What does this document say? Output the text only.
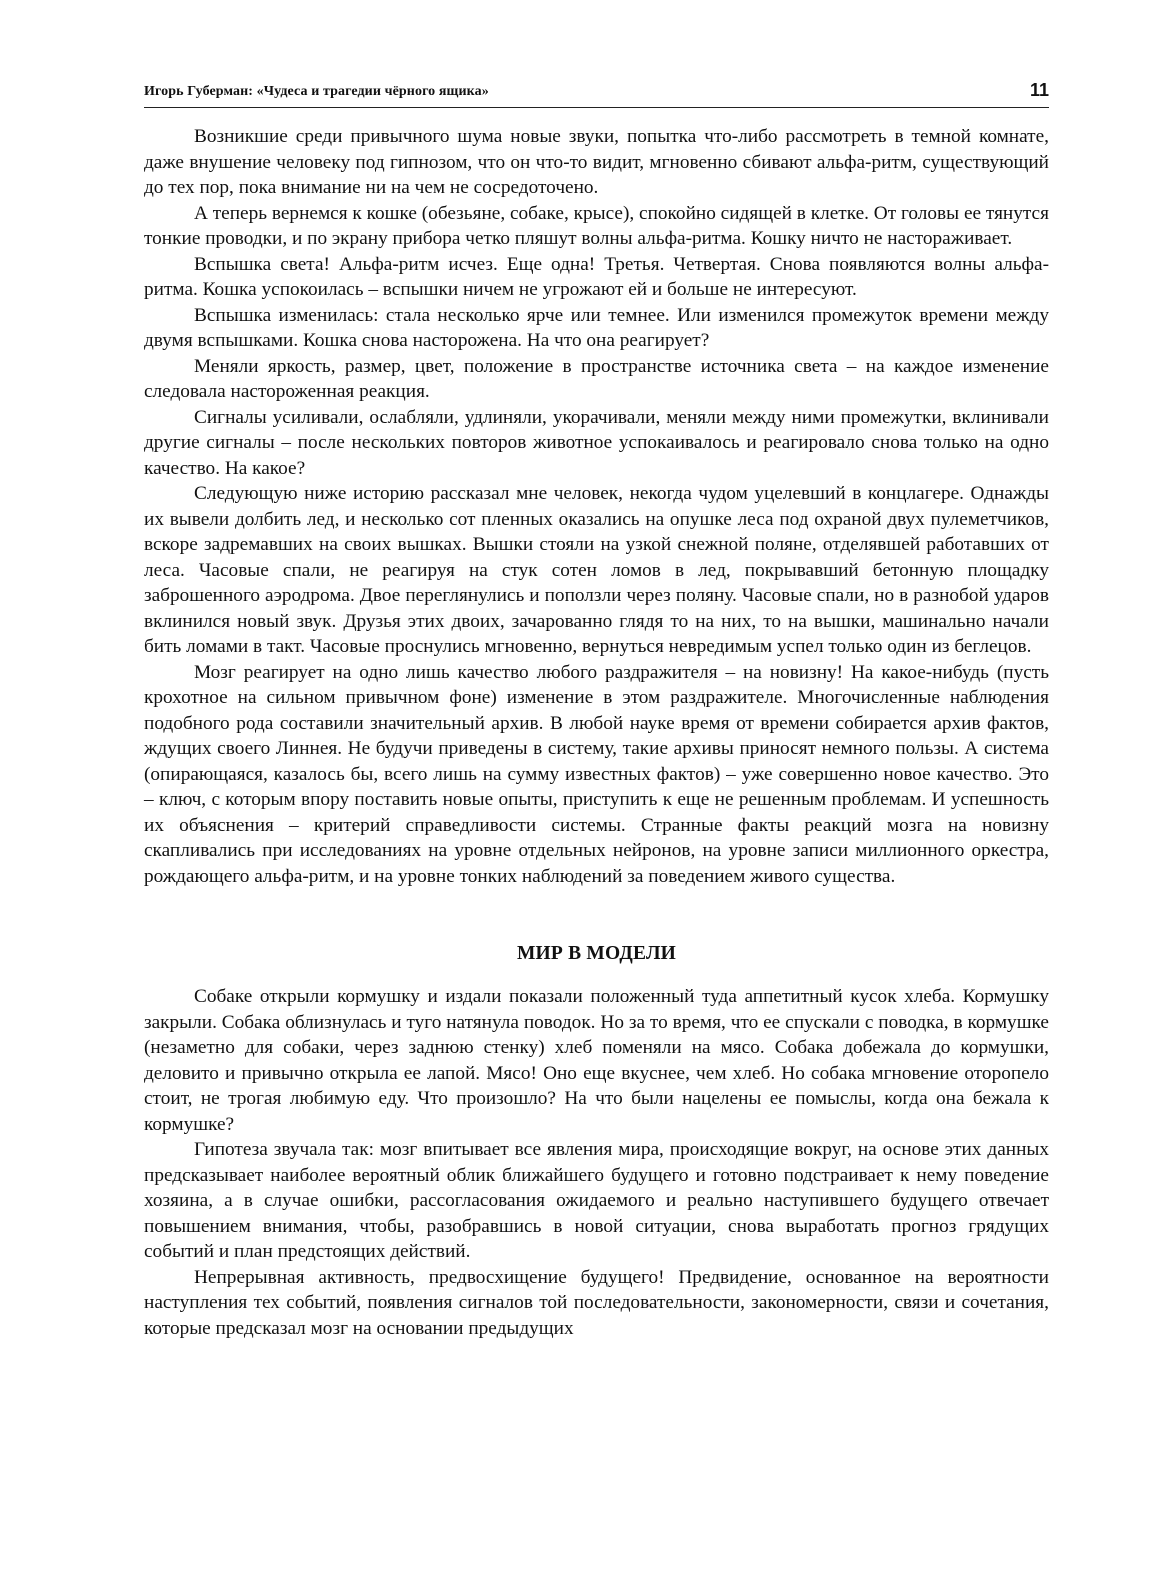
Игорь Губерман: «Чудеса и трагедии чёрного ящика»	11

Возникшие среди привычного шума новые звуки, попытка что-либо рассмотреть в темной комнате, даже внушение человеку под гипнозом, что он что-то видит, мгновенно сбивают альфа-ритм, существующий до тех пор, пока внимание ни на чем не сосредоточено.

А теперь вернемся к кошке (обезьяне, собаке, крысе), спокойно сидящей в клетке. От головы ее тянутся тонкие проводки, и по экрану прибора четко пляшут волны альфа-ритма. Кошку ничто не настораживает.

Вспышка света! Альфа-ритм исчез. Еще одна! Третья. Четвертая. Снова появляются волны альфа-ритма. Кошка успокоилась – вспышки ничем не угрожают ей и больше не интересуют.

Вспышка изменилась: стала несколько ярче или темнее. Или изменился промежуток времени между двумя вспышками. Кошка снова насторожена. На что она реагирует?

Меняли яркость, размер, цвет, положение в пространстве источника света – на каждое изменение следовала настороженная реакция.

Сигналы усиливали, ослабляли, удлиняли, укорачивали, меняли между ними промежутки, вклинивали другие сигналы – после нескольких повторов животное успокаивалось и реагировало снова только на одно качество. На какое?

Следующую ниже историю рассказал мне человек, некогда чудом уцелевший в концлагере. Однажды их вывели долбить лед, и несколько сот пленных оказались на опушке леса под охраной двух пулеметчиков, вскоре задремавших на своих вышках. Вышки стояли на узкой снежной поляне, отделявшей работавших от леса. Часовые спали, не реагируя на стук сотен ломов в лед, покрывавший бетонную площадку заброшенного аэродрома. Двое переглянулись и поползли через поляну. Часовые спали, но в разнобой ударов вклинился новый звук. Друзья этих двоих, зачарованно глядя то на них, то на вышки, машинально начали бить ломами в такт. Часовые проснулись мгновенно, вернуться невредимым успел только один из беглецов.

Мозг реагирует на одно лишь качество любого раздражителя – на новизну! На какое-нибудь (пусть крохотное на сильном привычном фоне) изменение в этом раздражителе. Многочисленные наблюдения подобного рода составили значительный архив. В любой науке время от времени собирается архив фактов, ждущих своего Линнея. Не будучи приведены в систему, такие архивы приносят немного пользы. А система (опирающаяся, казалось бы, всего лишь на сумму известных фактов) – уже совершенно новое качество. Это – ключ, с которым впору поставить новые опыты, приступить к еще не решенным проблемам. И успешность их объяснения – критерий справедливости системы. Странные факты реакций мозга на новизну скапливались при исследованиях на уровне отдельных нейронов, на уровне записи миллионного оркестра, рождающего альфа-ритм, и на уровне тонких наблюдений за поведением живого существа.

МИР В МОДЕЛИ

Собаке открыли кормушку и издали показали положенный туда аппетитный кусок хлеба. Кормушку закрыли. Собака облизнулась и туго натянула поводок. Но за то время, что ее спускали с поводка, в кормушке (незаметно для собаки, через заднюю стенку) хлеб поменяли на мясо. Собака добежала до кормушки, деловито и привычно открыла ее лапой. Мясо! Оно еще вкуснее, чем хлеб. Но собака мгновение оторопело стоит, не трогая любимую еду. Что произошло? На что были нацелены ее помыслы, когда она бежала к кормушке?

Гипотеза звучала так: мозг впитывает все явления мира, происходящие вокруг, на основе этих данных предсказывает наиболее вероятный облик ближайшего будущего и готовно подстраивает к нему поведение хозяина, а в случае ошибки, рассогласования ожидаемого и реально наступившего будущего отвечает повышением внимания, чтобы, разобравшись в новой ситуации, снова выработать прогноз грядущих событий и план предстоящих действий.

Непрерывная активность, предвосхищение будущего! Предвидение, основанное на вероятности наступления тех событий, появления сигналов той последовательности, закономерности, связи и сочетания, которые предсказал мозг на основании предыдущих
